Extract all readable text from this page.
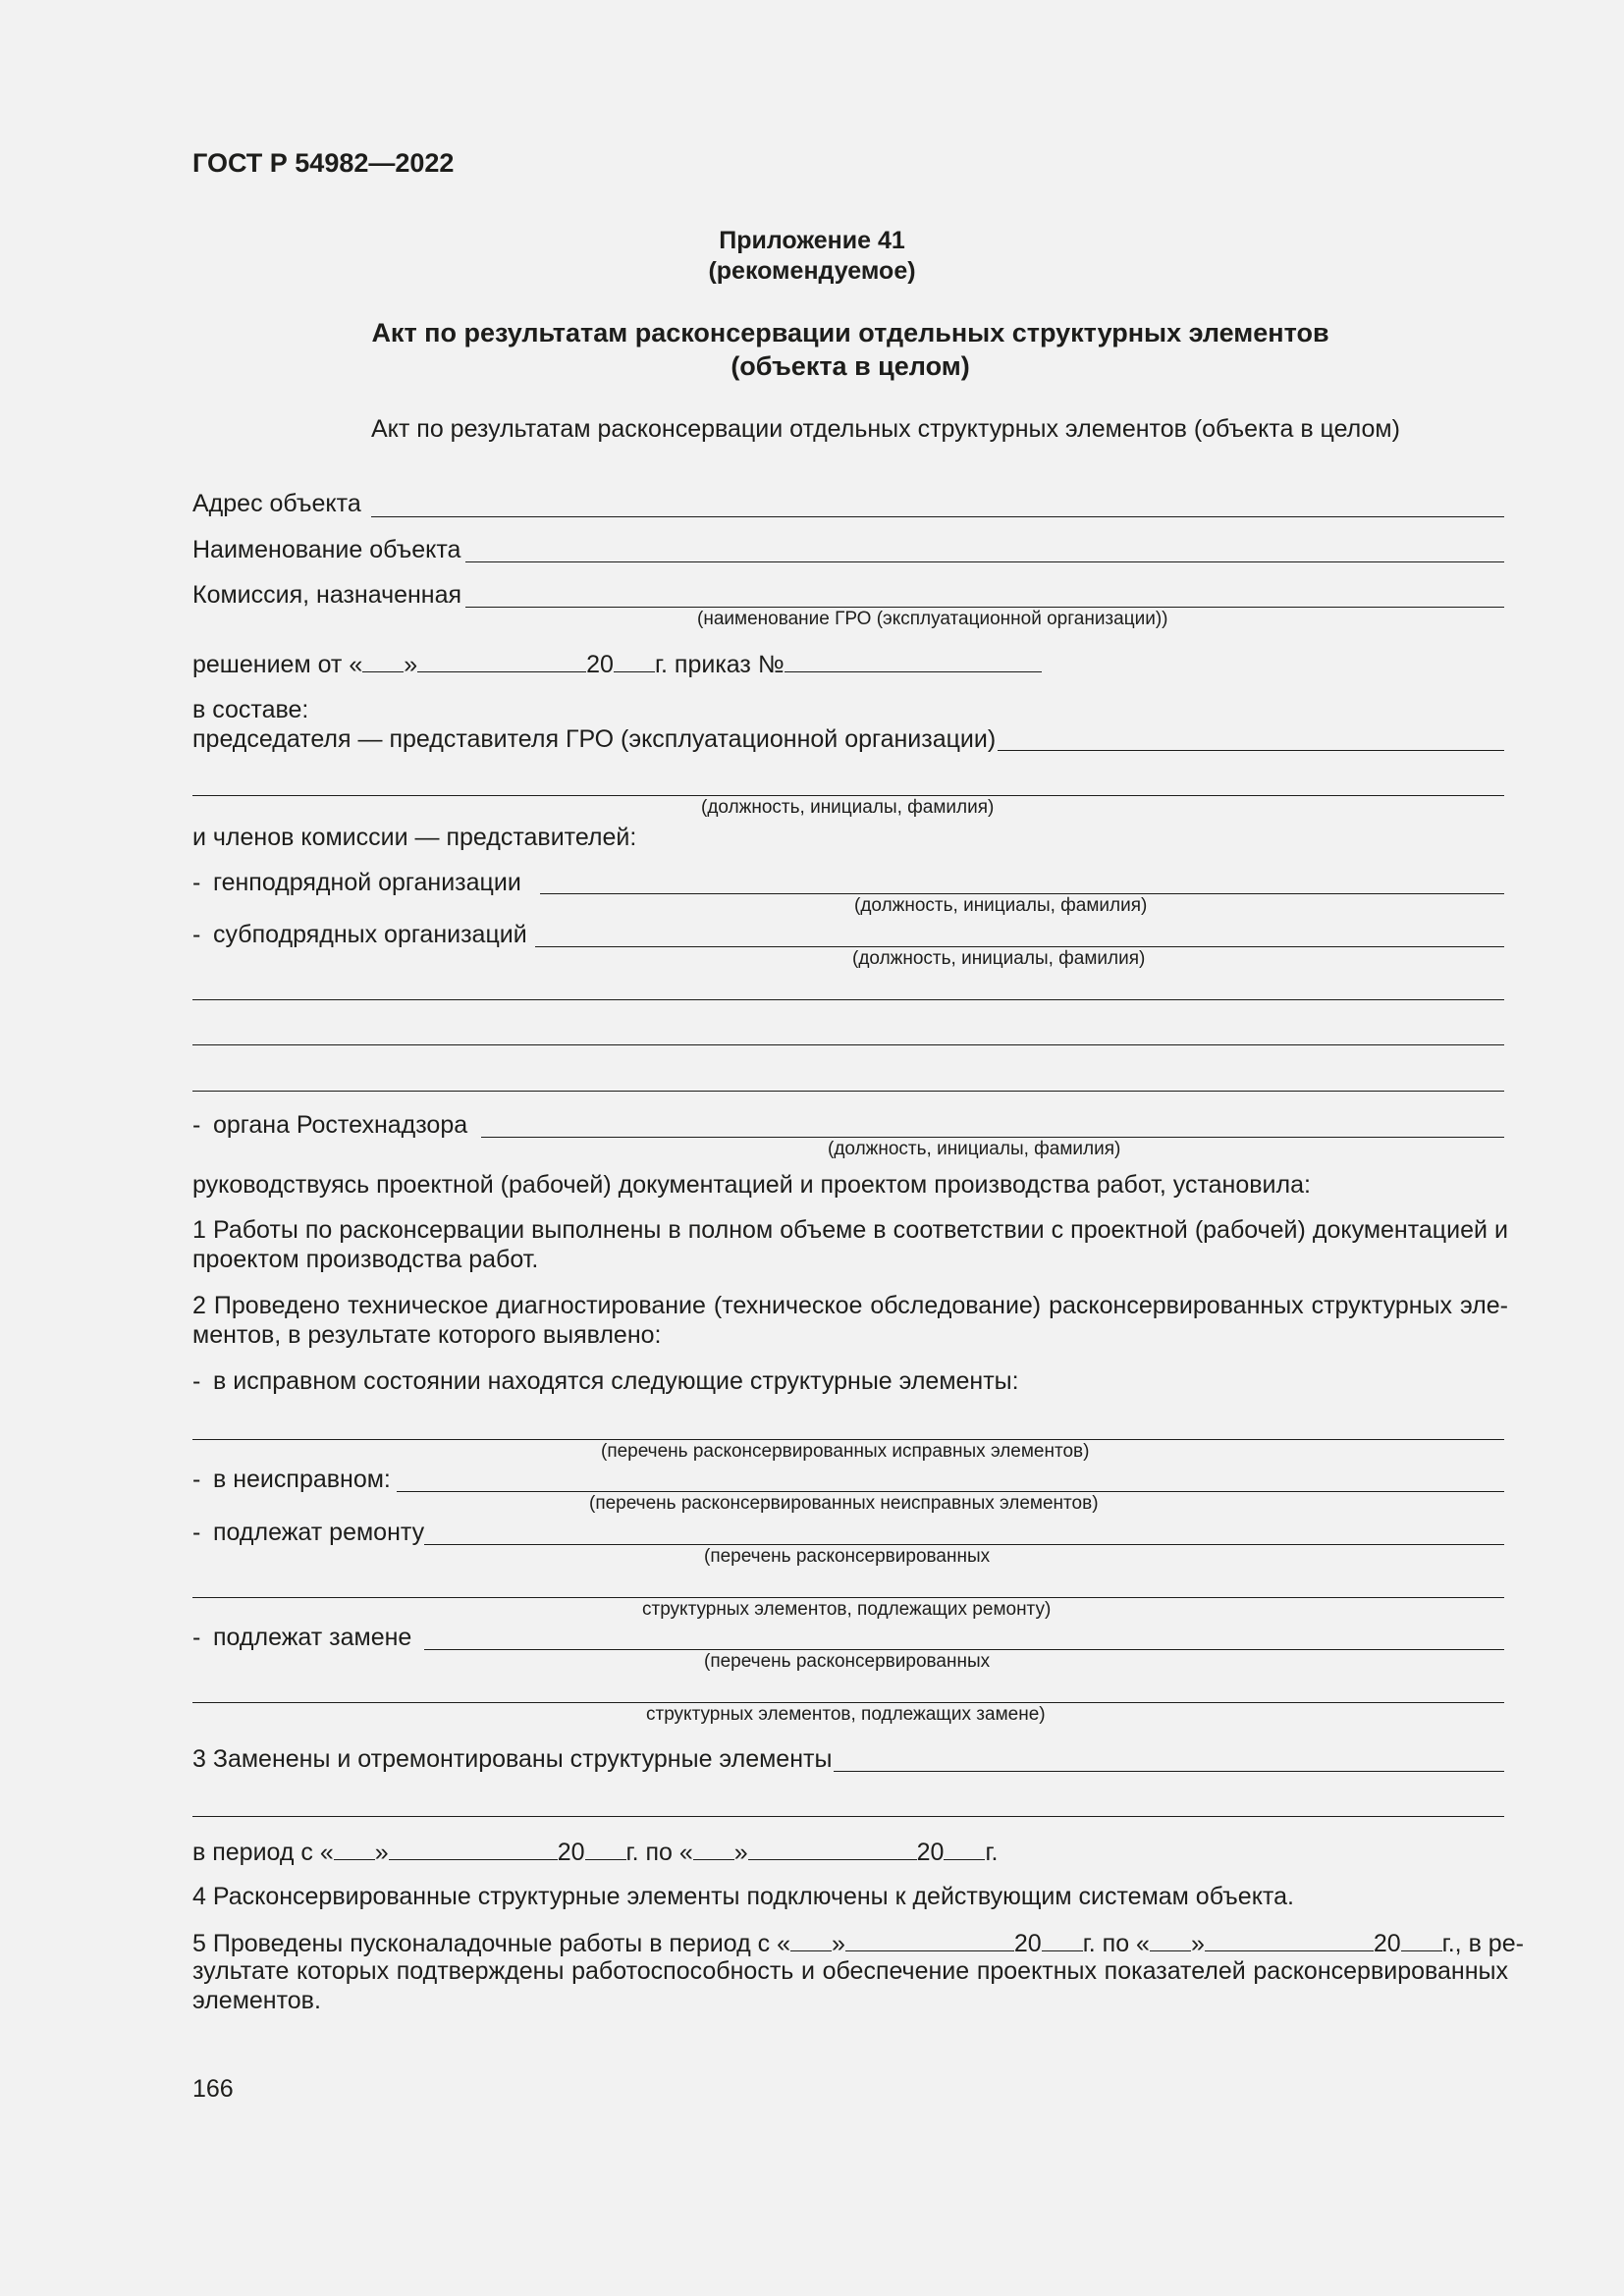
ГОСТ Р 54982—2022
Приложение 41
(рекомендуемое)
Акт по результатам расконсервации отдельных структурных элементов
(объекта в целом)
Акт по результатам расконсервации отдельных структурных элементов (объекта в целом)
Адрес объекта
Наименование объекта
Комиссия, назначенная
(наименование ГРО (эксплуатационной организации))
решением от « »	20 г. приказ №
в составе:
председателя — представителя ГРО (эксплуатационной организации)
(должность, инициалы, фамилия)
и членов комиссии — представителей:
- генподрядной организации
(должность, инициалы, фамилия)
- субподрядных организаций
(должность, инициалы, фамилия)
- органа Ростехнадзора
(должность, инициалы, фамилия)
руководствуясь проектной (рабочей) документацией и проектом производства работ, установила:
1 Работы по расконсервации выполнены в полном объеме в соответствии с проектной (рабочей) документацией и проектом производства работ.
2 Проведено техническое диагностирование (техническое обследование) расконсервированных структурных элементов, в результате которого выявлено:
- в исправном состоянии находятся следующие структурные элементы:
(перечень расконсервированных исправных элементов)
- в неисправном:
(перечень расконсервированных неисправных элементов)
- подлежат ремонту
(перечень расконсервированных
структурных элементов, подлежащих ремонту)
- подлежат замене
(перечень расконсервированных
структурных элементов, подлежащих замене)
3 Заменены и отремонтированы структурные элементы
в период с « »	20 г. по « »	20 г.
4 Расконсервированные структурные элементы подключены к действующим системам объекта.
5 Проведены пусконаладочные работы в период с « »	20 г. по « »	20 г., в ре-
зультате которых подтверждены работоспособность и обеспечение проектных показателей расконсервированных элементов.
166
